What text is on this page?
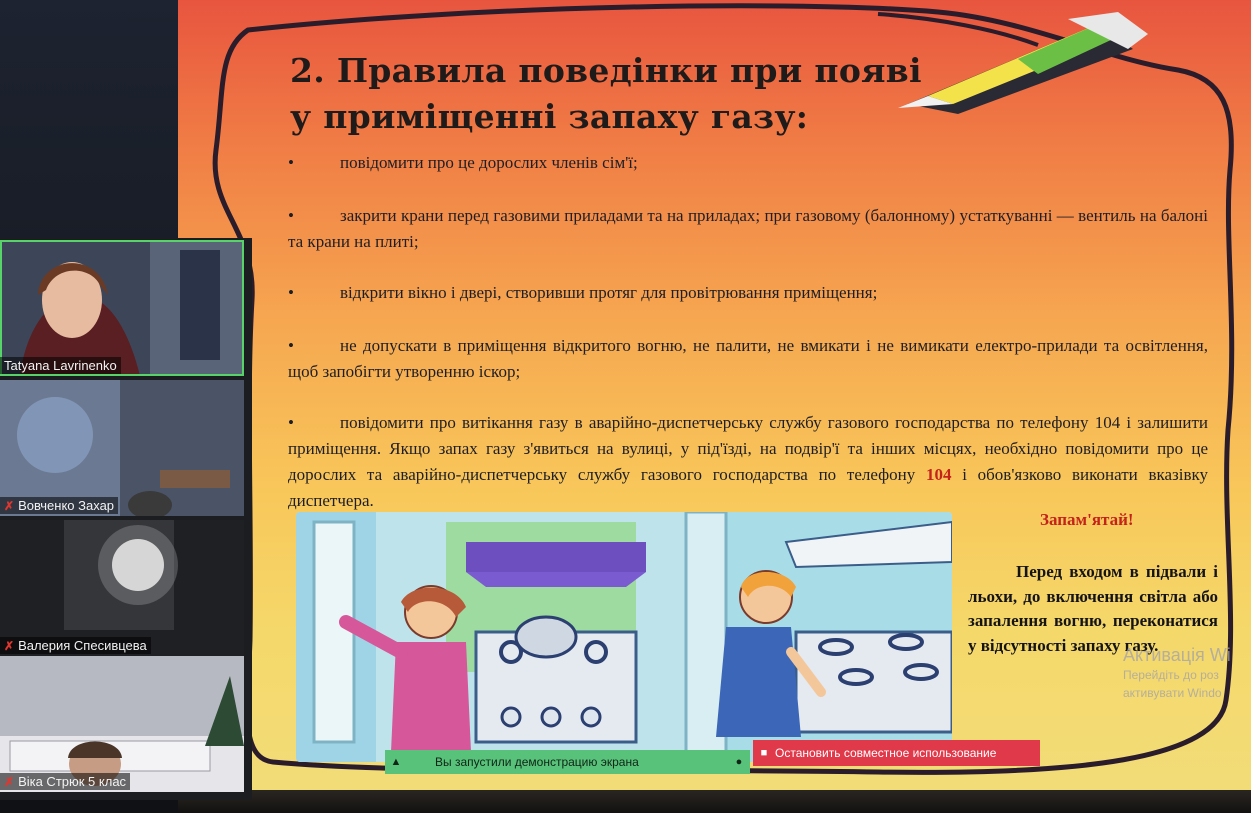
2. Правила поведінки при появі
у приміщенні запаху газу:
•	повідомити про це дорослих членів сім'ї;
•	закрити крани перед газовими приладами та на приладах; при газовому (балонному) устаткуванні — вентиль на балоні та крани на плиті;
•	відкрити вікно і двері, створивши протяг для провітрювання приміщення;
•	не допускати в приміщення відкритого вогню, не палити, не вмикати і не вимикати електро-прилади та освітлення, щоб запобігти утворенню іскор;
•	повідомити про витікання газу в аварійно-диспетчерську службу газового господарства по телефону 104 і залишити приміщення. Якщо запах газу з'явиться на вулиці, у під'їзді, на подвір'ї та інших місцях, необхідно повідомити про це дорослих та аварійно-диспетчерську службу газового господарства по телефону 104 і обов'язково виконати вказівку диспетчера.
Запам'ятай!
Перед входом в підвали і льохи, до включення світла або запалення вогню, переконатися у відсутності запаху газу.
Активація Wi
Перейдіть до роз
активувати Windo
Tatyana Lavrinenko
✗ Вовченко Захар
✗ Валерия Спесивцева
✗ Віка Стрюк 5 клас
▲	Вы запустили демонстрацию экрана	●
■ Остановить совместное использование
